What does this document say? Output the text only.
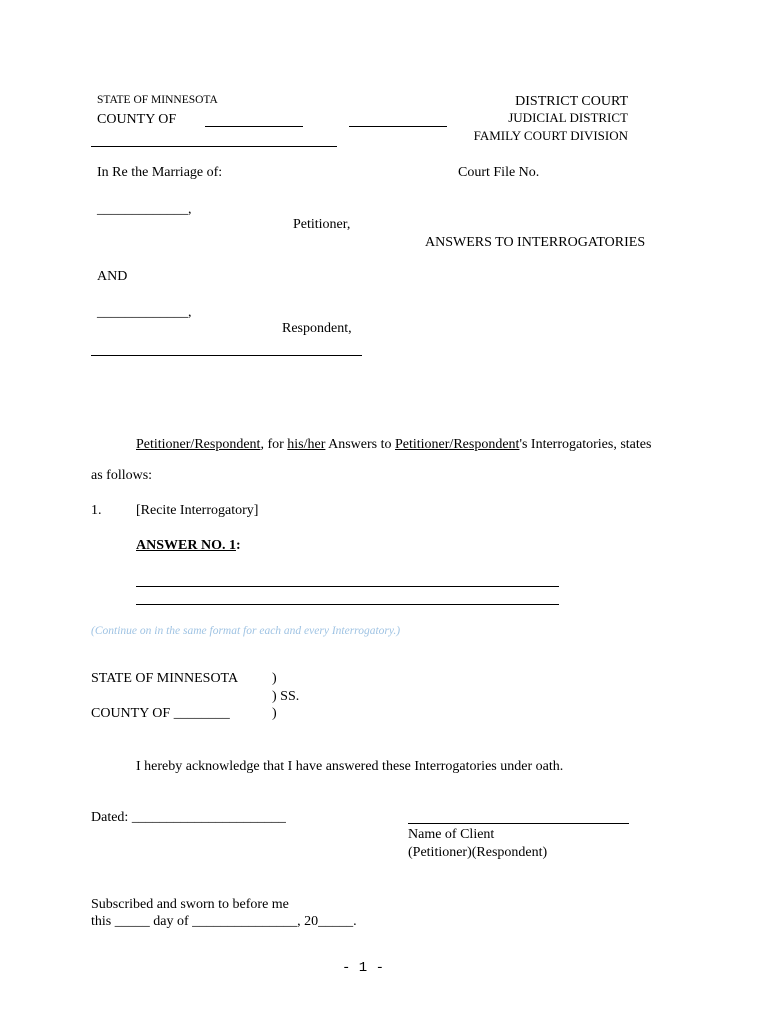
STATE OF MINNESOTA
COUNTY OF
DISTRICT COURT
JUDICIAL DISTRICT
FAMILY COURT DIVISION
In Re the Marriage of:	Court File No.
_____________,
Petitioner,
ANSWERS TO INTERROGATORIES
AND
_____________,
Respondent,
Petitioner/Respondent, for his/her Answers to Petitioner/Respondent's Interrogatories, states
as follows:
1. [Recite Interrogatory]
ANSWER NO. 1:
(Continue on in the same format for each and every Interrogatory.)
STATE OF MINNESOTA )
) SS.
COUNTY OF ________	)
I hereby acknowledge that I have answered these Interrogatories under oath.
Dated: ______________________
Name of Client
(Petitioner)(Respondent)
Subscribed and sworn to before me
this _____ day of _______________, 20_____.
- 1 -
